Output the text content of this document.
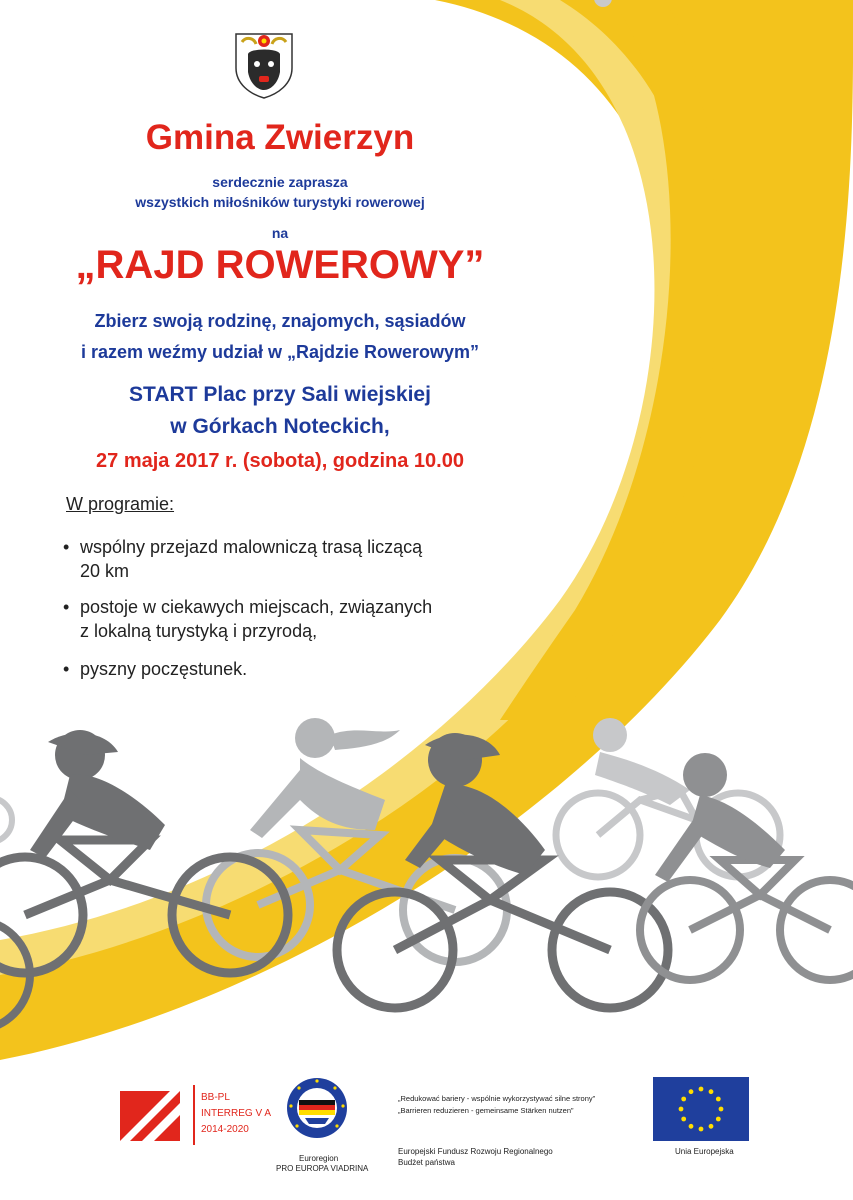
Gmina Zwierzyn
serdecznie zaprasza
wszystkich miłośników turystyki rowerowej
na
„RAJD ROWEROWY”
Zbierz swoją rodzinę, znajomych, sąsiadów
i razem weźmy udział w „Rajdzie Rowerowym”
START Plac przy Sali wiejskiej
w Górkach Noteckich,
27 maja 2017 r. (sobota), godzina 10.00
W programie:
• wspólny przejazd malowniczą trasą liczącą
20 km
• postoje w ciekawych miejscach, związanych
z lokalną turystyką i przyrodą,
• pyszny poczęstunek.
BB-PL
INTERREG V A
2014-2020
Euroregion
PRO EUROPA VIADRINA
„Redukować bariery - wspólnie wykorzystywać silne strony”
„Barrieren reduzieren - gemeinsame Stärken nutzen”
Europejski Fundusz Rozwoju Regionalnego
Budżet państwa
Unia Europejska
